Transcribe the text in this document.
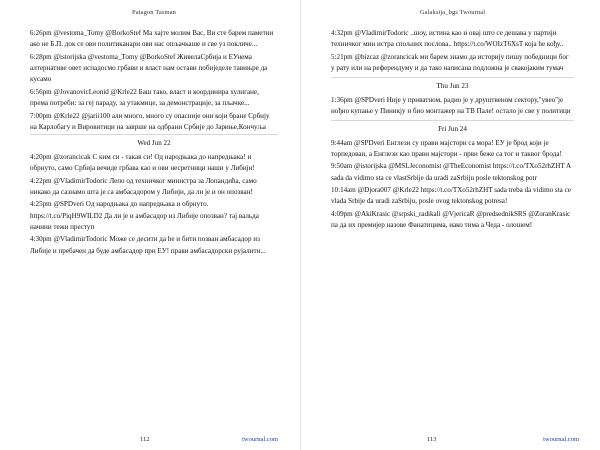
Patagon Tasman

6:26pm @vestoma_Tomy @BorkoStef Ма хајте молим Вас, Ви сте барем паметни ако не Б.П. док се ови политиканари ови нас опљачкаше и све уз покличе...

6:28pm @istorijska @vestoma_Tomy @BorkoStef ЖивелаСрбија и ЕУнема алтернативе овет испадосмо грбави и власт нам остави побиједеле тавињре да кусамо

6:56pm @JovanovicLeonid @Krle22 Баш тако, власт и координира хулигане, према потреби: за геј параду, за утакмице, за демонстрације, за пљачке...

7:00pm @Krle22 @jarii100 али много, много су опасније они који бране Србију на Карлобагу и Вировитици на заврше на одбрани Србије до Јариње,Кончуља

Wed Jun 22

4:20pm @zorancicak С ким си - такав си! Од народњака до напредњака! и обрнуто, само Србија вечиде грбава као и ови несретници наши у Либији!

4:22pm @VladimirTodoric Лепо од техничког министра за Лопандића, само никако да сазнамо шта је са амбасадором у Либији, да ли је и он опозван!

4:25pm @SPDveri Од народњака до напредњака и обрнуто. https://t.co/PiqH9WILD2 Да ли је и амбасадор из Либије опозван? тај вальда начини тежи преступ

4:30pm @VladimirTodoric Може се десити да he и бити позван амбасадор из Либије и пребачен да буде амбасадор при ЕУ! прави амбасадорски рујалити...

112	twournal.com
Galaksija_bgs Twournal

4:32pm @VladimirTodoric ..шоу, истина као и овај што се дешава у партији техничког мин истра спољних послова.. https://t.co/WOIzT6XsT која he кођу..

5:21pm @bizcaz @zorancicak ми барем знамо да историју пишу победници бог у рату или на референдуму и да тако написана подложна је свакојаким тумач

Thu Jun 23

1:36pm @SPDveri Није у приватном, радио је у друштвеном сектору,"увео"је нођно купање у Пиникју и био монтажер на ТВ Пале! остало је све у политици

Fri Jun 24

9:44am @SPDveri Енглези су прави мајстори са мора! ЕУ је брод који је торпедован, а Енглези као прави мајстори - први беже са тог и таквог брода!

9:50am @istorijska @MSLJeconomist @TheEconomist https://t.co/TXo52rhZHT A sada da vidimo sta ce vlastSrbije da uradi zaSrbiju posle tektonskog potr

10:14am @Djora007 @Krle22 https://t.co/TXo52rhZHT sada treba da vidimo sta ce vlada Srbije da uradi zaSrbiju, posle ovog tektonskog potresa!

4:09pm @AkiKrasic @srpski_radikali @VjericaR @predsednikSRS @ZoranKrasic па да их премијер назове Фанатицима, иако тима а Чеда - олошем!

113	twournal.com
